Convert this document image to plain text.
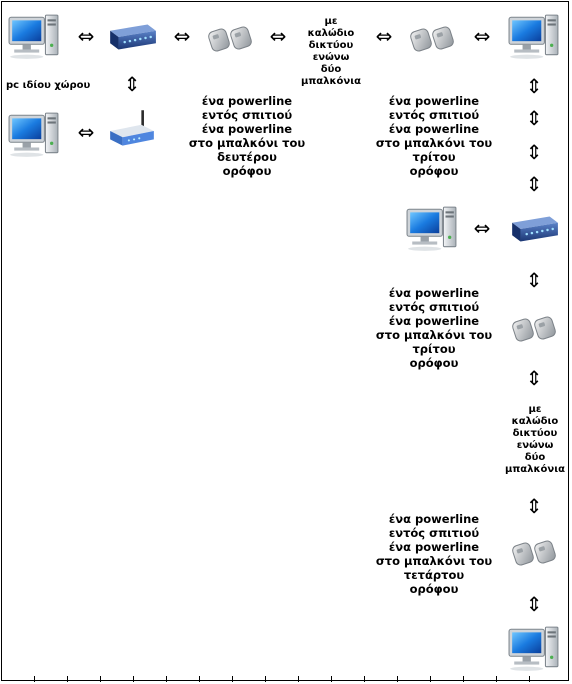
⇔	⇔	⇔
με
καλώδιο
δικτύου
ενώνω
δύο
μπαλκόνια
⇔	⇔
pc ιδίου χώρου ⇕
⇔
ένα powerline
εντός σπιτιού
ένα powerline
στο μπαλκόνι του
δευτέρου
ορόφου
ένα powerline
εντός σπιτιού
ένα powerline
στο μπαλκόνι του
τρίτου
ορόφου
⇕
⇕
⇕
⇕
⇔
⇕
ένα powerline
εντός σπιτιού
ένα powerline
στο μπαλκόνι του
τρίτου
ορόφου
⇕
με
καλώδιο
δικτύου
ενώνω
δύο
μπαλκόνια
⇕
ένα powerline
εντός σπιτιού
ένα powerline
στο μπαλκόνι του
τετάρτου
ορόφου
⇕
